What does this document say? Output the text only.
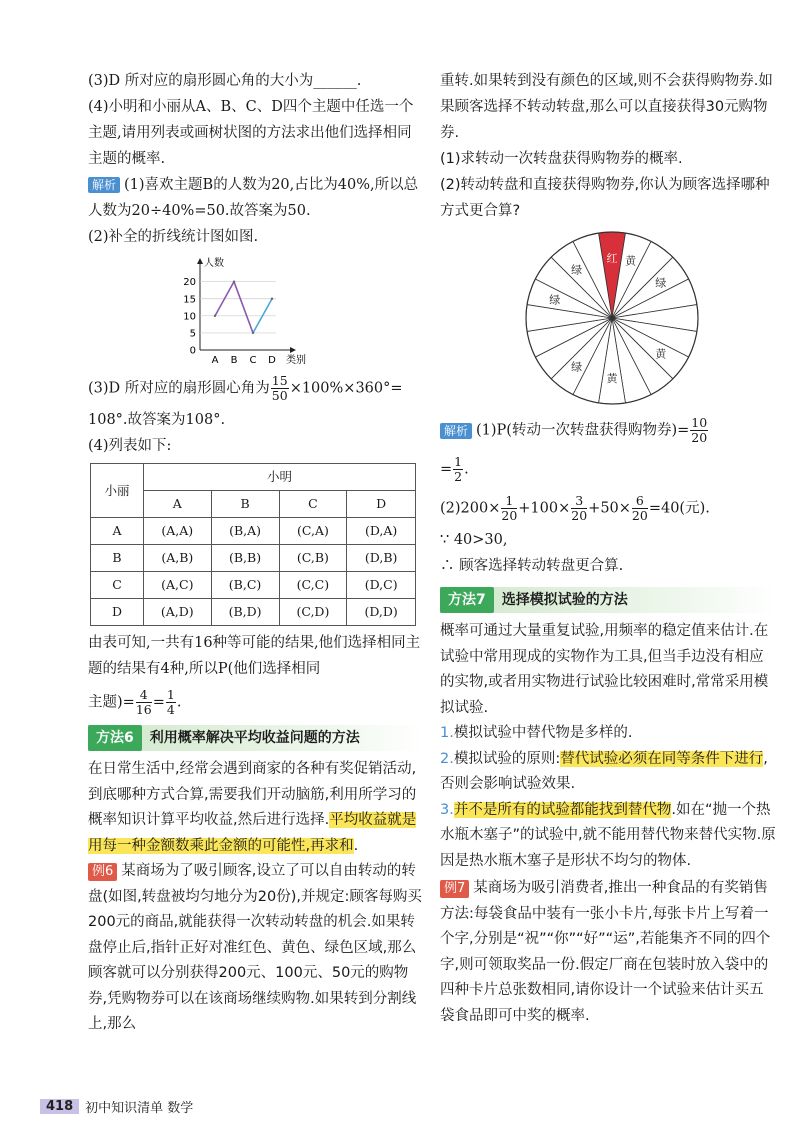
(3)D 所对应的扇形圆心角的大小为______.

(4)小明和小丽从A、B、C、D四个主题中任选一个主题,请用列表或画树状图的方法求出他们选择相同主题的概率.

解析 (1)喜欢主题B的人数为20,占比为40%,所以总人数为20÷40%=50.故答案为50.

(2)补全的折线统计图如图.

人数
类别
0
5
10
15
20
A B C D

(3)D 所对应的扇形圆心角为 $\frac{15}{50} \times 100\%\times 360^\circ=$

108°.故答案为108°.

(4)列表如下:

小丽	小明			
	A	B	C	D
A	(A,A)	(B,A)	(C,A)	(D,A)
B	(A,B)	(B,B)	(C,B)	(D,B)
C	(A,C)	(B,C)	(C,C)	(D,C)
D	(A,D)	(B,D)	(C,D)	(D,D)

由表可知,一共有16种等可能的结果,他们选择相同主题的结果有4种,所以P(他们选择相同

主题)= $\frac{4}{16} = \frac{1}{4}$ .

方法6	利用概率解决平均收益问题的方法

在日常生活中,经常会遇到商家的各种有奖促销活动,到底哪种方式合算,需要我们开动脑筋,利用所学习的概率知识计算平均收益,然后进行选择.平均收益就是用每一种金额数乘此金额的可能性,再求和.

例6 某商场为了吸引顾客,设立了可以自由转动的转盘(如图,转盘被均匀地分为20份),并规定:顾客每购买200元的商品,就能获得一次转动转盘的机会.如果转盘停止后,指针正好对准红色、黄色、绿色区域,那么顾客就可以分别获得200元、100元、50元的购物券,凭购物券可以在该商场继续购物.如果转到分割线上,那么

重转.如果转到没有颜色的区域,则不会获得购物券.如果顾客选择不转动转盘,那么可以直接获得30元购物券.

(1)求转动一次转盘获得购物券的概率.

(2)转动转盘和直接获得购物券,你认为顾客选择哪种方式更合算?

红 黄
绿
黄
黄
绿
绿
绿

解析 (1)P(转动一次转盘获得购物券)= $\frac{10}{20}$

= $\frac{1}{2}$ .

$(2)200\times \frac{1}{20} +100\times \frac{3}{20} +50\times \frac{6}{20} =40$(元).

∵ 40>30,

∴ 顾客选择转动转盘更合算.

方法7	选择模拟试验的方法

概率可通过大量重复试验,用频率的稳定值来估计.在试验中常用现成的实物作为工具,但当手边没有相应的实物,或者用实物进行试验比较困难时,常常采用模拟试验.

1.模拟试验中替代物是多样的.

2.模拟试验的原则:替代试验必须在同等条件下进行,否则会影响试验效果.

3.并不是所有的试验都能找到替代物.如在“抛一个热水瓶木塞子”的试验中,就不能用替代物来替代实物.原因是热水瓶木塞子是形状不均匀的物体.

例7 某商场为吸引消费者,推出一种食品的有奖销售方法:每袋食品中装有一张小卡片,每张卡片上写着一个字,分别是“祝”“你”“好”“运”,若能集齐不同的四个字,则可领取奖品一份.假定厂商在包装时放入袋中的四种卡片总张数相同,请你设计一个试验来估计买五袋食品即可中奖的概率.

418 初中知识清单 数学
